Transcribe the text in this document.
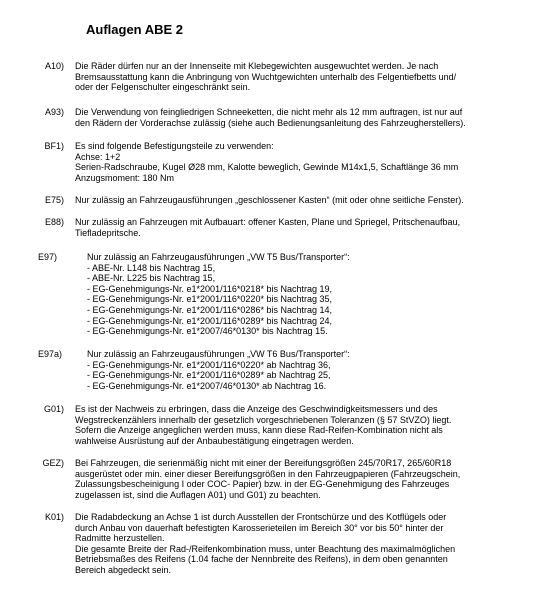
Auflagen ABE 2
A10) Die Räder dürfen nur an der Innenseite mit Klebegewichten ausgewuchtet werden. Je nach
Bremsausstattung kann die Anbringung von Wuchtgewichten unterhalb des Felgentiefbetts und/
oder der Felgenschulter eingeschränkt sein.
A93) Die Verwendung von feingliedrigen Schneeketten, die nicht mehr als 12 mm auftragen, ist nur auf
den Rädern der Vorderachse zulässig (siehe auch Bedienungsanleitung des Fahrzeugherstellers).
BF1) Es sind folgende Befestigungsteile zu verwenden:
Achse: 1+2
Serien-Radschraube, Kugel Ø28 mm, Kalotte beweglich, Gewinde M14x1,5, Schaftlänge 36 mm
Anzugsmoment: 180 Nm
E75) Nur zulässig an Fahrzeugausführungen „geschlossener Kasten“ (mit oder ohne seitliche Fenster).
E88) Nur zulässig an Fahrzeugen mit Aufbauart: offener Kasten, Plane und Spriegel, Pritschenaufbau,
Tiefladepritsche.
E97)	Nur zulässig an Fahrzeugausführungen „VW T5 Bus/Transporter“:
- ABE-Nr. L148 bis Nachtrag 15,
- ABE-Nr. L225 bis Nachtrag 15,
- EG-Genehmigungs-Nr. e1*2001/116*0218* bis Nachtrag 19,
- EG-Genehmigungs-Nr. e1*2001/116*0220* bis Nachtrag 35,
- EG-Genehmigungs-Nr. e1*2001/116*0286* bis Nachtrag 14,
- EG-Genehmigungs-Nr. e1*2001/116*0289* bis Nachtrag 24,
- EG-Genehmigungs-Nr. e1*2007/46*0130* bis Nachtrag 15.
E97a)	Nur zulässig an Fahrzeugausführungen „VW T6 Bus/Transporter“:
- EG-Genehmigungs-Nr. e1*2001/116*0220* ab Nachtrag 36,
- EG-Genehmigungs-Nr. e1*2001/116*0289* ab Nachtrag 25,
- EG-Genehmigungs-Nr. e1*2007/46*0130* ab Nachtrag 16.
G01) Es ist der Nachweis zu erbringen, dass die Anzeige des Geschwindigkeitsmessers und des
Wegstreckenzählers innerhalb der gesetzlich vorgeschriebenen Toleranzen (§ 57 StVZO) liegt.
Sofern die Anzeige angeglichen werden muss, kann diese Rad-Reifen-Kombination nicht als
wahlweise Ausrüstung auf der Anbaubestätigung eingetragen werden.
GEZ) Bei Fahrzeugen, die serienmäßig nicht mit einer der Bereifungsgrößen 245/70R17, 265/60R18
ausgerüstet oder min. einer dieser Bereifungsgrößen in den Fahrzeugpapieren (Fahrzeugschein,
Zulassungsbescheinigung I oder COC- Papier) bzw. in der EG-Genehmigung des Fahrzeuges
zugelassen ist, sind die Auflagen A01) und G01) zu beachten.
K01) Die Radabdeckung an Achse 1 ist durch Ausstellen der Frontschürze und des Kotflügels oder
durch Anbau von dauerhaft befestigten Karosserieteilen im Bereich 30° vor bis 50° hinter der
Radmitte herzustellen.
Die gesamte Breite der Rad-/Reifenkombination muss, unter Beachtung des maximalmöglichen
Betriebsmaßes des Reifens (1.04 fache der Nennbreite des Reifens), in dem oben genannten
Bereich abgedeckt sein.
